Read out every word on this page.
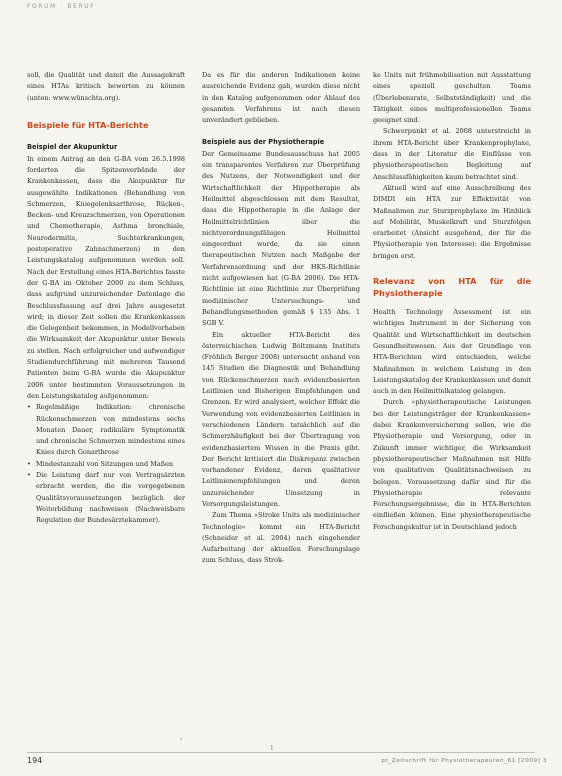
FORUM · BERUF

soll, die Qualität und damit die Aussagekraft eines HTAs kritisch bewerten zu können (unten: www.wünschta.org).

Beispiele für HTA-Berichte
Beispiel der Akupunktur

In einem Antrag an den G-BA vom 26.5.1998 forderten die Spitzenverbände der Krankenkassen, dass die Akupunktur für ausgewählte Indikationen (Behandlung von Schmerzen, Kniegelenksarthrose, Rücken-, Becken- und Kreuzschmerzen, von Operationen und Chemotherapie, Asthma bronchiale, Neurodermitis, Suchterkrankungen, postoperative Zahnschmerzen) in den Leistungskatalog aufgenommen werden soll. Nach der Erstellung eines HTA-Berichtes fasste der G-BA im Oktober 2000 zu dem Schluss, dass aufgrund unzureichender Datenlage die Beschlussfassung auf drei Jahre ausgesetzt wird; in dieser Zeit sollen die Krankenkassen die Gelegenheit bekommen, in Modellvorhaben die Wirksamkeit der Akupunktur unter Beweis zu stellen. Nach erfolgreicher und aufwendiger Studiendurchführung mit mehreren Tausend Patienten beim G-BA wurde die Akupunktur 2006 unter bestimmten Voraussetzungen in den Leistungskatalog aufgenommen:

• Regelmäßige Indikation: chronische Rückenschmerzen von mindestens sechs Monaten Dauer, radikuläre Symptomatik und chronische Schmerzen mindestens eines Knies durch Gonarthrose
• Mindestanzahl von Sitzungen und Maßen
• Die Leistung darf nur von Vertragsärzten erbracht werden, die die vorgegebenen Qualitätsvoraussetzungen bezüglich der Weiterbildung nachweisen (Nachweisbare Regulation der Bundesärztekammer).

Da es für die anderen Indikationen keine ausreichende Evidenz gab, wurden diese nicht in den Katalog aufgenommen oder Ablauf des gesamten Verfahrens ist nach diesen unverändert geblieben.

Beispiele aus der Physiotherapie

Der Gemeinsame Bundesausschuss hat 2005 ein transparentes Verfahren zur Überprüfung des Nutzens, der Notwendigkeit und der Wirtschaftlichkeit der Hippotherapie als Heilmittel abgeschlossen mit dem Resultat, dass die Hippotherapie in die Anlage der Heilmittelrichtlinien über die nichtverordnungsfähigen Heilmittel eingeordnet wurde, da sie einen therapeutischen Nutzen nach Maßgabe der Verfahrensordnung und der HKS-Richtlinie nicht aufgewiesen hat (G-BA 2006). Die HTA-Richtlinie ist eine Richtlinie zur Überprüfung medizinischer Untersuchungs- und Behandlungsmethoden gemäß § 135 Abs. 1 SGB V.

Ein aktueller HTA-Bericht des österreichischen Ludwig Boltzmann Instituts (Fröhlich Berger 2008) untersucht anhand von 145 Studien die Diagnostik und Behandlung von Rückenschmerzen nach evidenzbasierten Leitlinien und Bisherigen Empfehlungen und Grenzen. Er wird analysiert, welcher Effekt die Verwendung von evidenzbasierten Leitlinien in verschiedenen Ländern tatsächlich auf die Schmerzhäufigkeit bei der Übertragung von evidenzbasiertem Wissen in die Praxis gibt. Der Bericht kritisiert die Diskrepanz zwischen vorhandener Evidenz, deren qualitativer Leitlinienempfehlungen und deren unzureichender Umsetzung in Versorgungsleistungen.

Zum Thema »Stroke Units als medizinischer Technologie« kommt ein HTA-Bericht (Schneider et al. 2004) nach eingehender Aufarbeitung der aktuellen Forschungslage zum Schluss, dass Strok-

ke Units mit frühmobilisation mit Ausstattung eines speziell geschulten Teams (Überlebensrate, Selbstständigkeit) und die Tätigkeit eines multiprofessionellen Teams geeignet sind.

Schwerpunkt et al. 2008 unterstreicht in ihrem HTA-Bericht über Krankenprophylaxe, dass in der Literatur die Einflüsse von physiotherapeutischen Begleitung auf Anschlussfähigkeiten kaum betrachtet sind.

Aktuell wird auf eine Ausschreibung des DIMDI ein HTA zur Effektivität von Maßnahmen zur Sturzprophylaxe im Hinblick auf Mobilität, Muskelkraft und Sturzfolgen erarbeitet (Ansicht ausgehend, der für die Physiotherapie von Interesse): die Ergebnisse bringen erst.

Relevanz von HTA für die Physiotherapie

Health Technology Assessment ist ein wichtiges Instrument in der Sicherung von Qualität und Wirtschaftlichkeit im deutschen Gesundheitswesen. Aus der Grundlage von HTA-Berichten wird entschieden, welche Maßnahmen in welchem Leistung in den Leistungskatalog der Krankenkassen und damit auch in den Heilmittelkatalog gelangen.

Durch »physiotherapeutische Leistungen bei der Leistungsträger der Krankenkassen« dabei Krankenversicherung sollen, wie die Physiotherapie und Versorgung, oder in Zukunft immer wichtiger, die Wirksamkeit physiotherapeutischer Maßnahmen mit Hilfe von qualitativen Qualitätsnachweisen zu belegen. Voraussetzung dafür sind für die Physiotherapie relevante Forschungsergebnisse, die in HTA-Berichten einfließen können. Eine physiotherapeutische Forschungskultur ist in Deutschland jedoch

›
1
194	pt_Zeitschrift für Physiotherapeuten_61 [2009] 3
